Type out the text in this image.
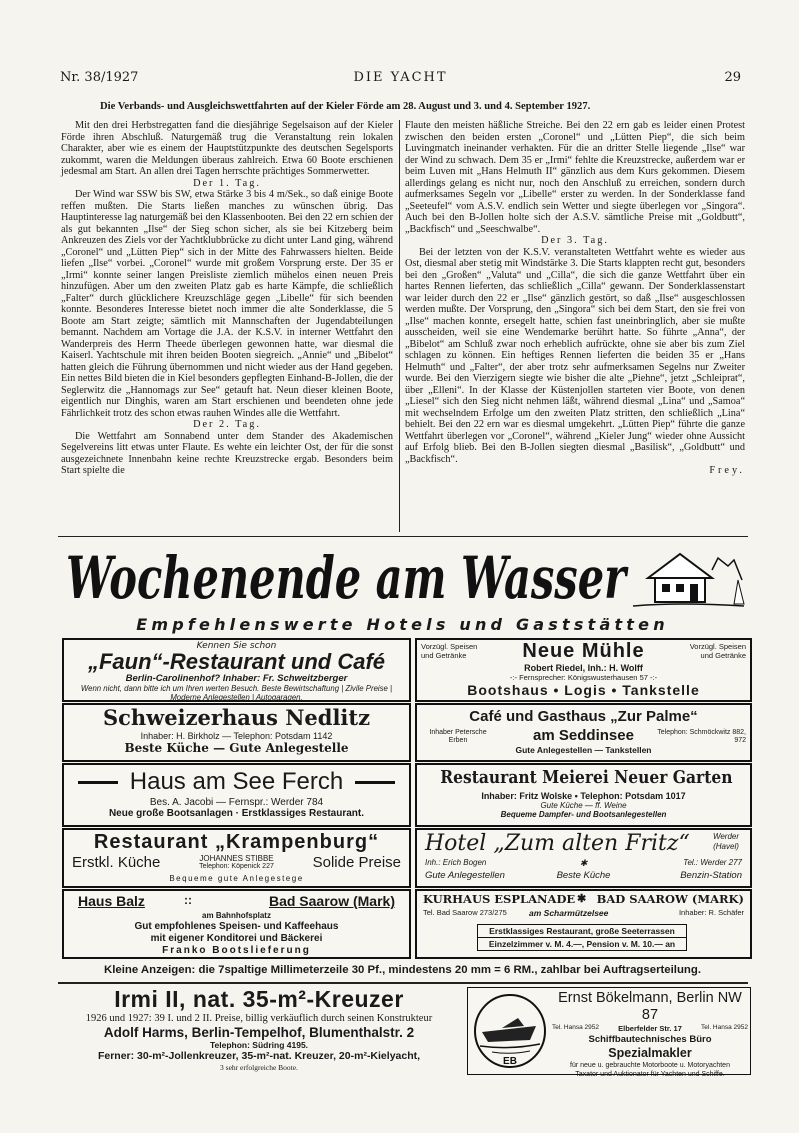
Nr. 38/1927	DIE YACHT	29
Die Verbands- und Ausgleichswettfahrten auf der Kieler Förde am 28. August und 3. und 4. September 1927.

Mit den drei Herbstregatten fand die diesjährige Segelsaison auf der Kieler Förde ihren Abschluß. Naturgemäß trug die Veranstaltung rein lokalen Charakter, aber wie es einem der Hauptstützpunkte des deutschen Segelsports zukommt, waren die Meldungen überaus zahlreich. Etwa 60 Boote erschienen jedesmal am Start. An allen drei Tagen herrschte prächtiges Sommerwetter.

Der 1. Tag.

Der Wind war SSW bis SW, etwa Stärke 3 bis 4 m/Sek., so daß einige Boote reffen mußten. Die Starts ließen manches zu wünschen übrig. Das Hauptinteresse lag naturgemäß bei den Klassenbooten. Bei den 22 ern schien der als gut bekannten „Ilse“ der Sieg schon sicher, als sie bei Kitzeberg beim Ankreuzen des Ziels vor der Yachtklubbrücke zu dicht unter Land ging, während „Coronel“ und „Lütten Piep“ sich in der Mitte des Fahrwassers hielten. Beide liefen „Ilse“ vorbei. „Coronel“ wurde mit großem Vorsprung erste. Der 35 er „Irmi“ konnte seiner langen Preisliste ziemlich mühelos einen neuen Preis hinzufügen. Aber um den zweiten Platz gab es harte Kämpfe, die schließlich „Falter“ durch glücklichere Kreuzschläge gegen „Libelle“ für sich beenden konnte. Besonderes Interesse bietet noch immer die alte Sonderklasse, die 5 Boote am Start zeigte; sämtlich mit Mannschaften der Jugendabteilungen bemannt. Nachdem am Vortage die J.A. der K.S.V. in interner Wettfahrt den Wanderpreis des Herrn Theede überlegen gewonnen hatte, war diesmal die Kaiserl. Yachtschule mit ihren beiden Booten siegreich. „Annie“ und „Bibelot“ hatten gleich die Führung übernommen und nicht wieder aus der Hand gegeben. Ein nettes Bild bieten die in Kiel besonders gepflegten Einhand-B-Jollen, die der Seglerwitz die „Hannomags zur See“ getauft hat. Neun dieser kleinen Boote, eigentlich nur Dinghis, waren am Start erschienen und beendeten ohne jede Fährlichkeit trotz des schon etwas rauhen Windes alle die Wettfahrt.

Der 2. Tag.

Die Wettfahrt am Sonnabend unter dem Stander des Akademischen Segelvereins litt etwas unter Flaute. Es wehte ein leichter Ost, der für die sonst ausgezeichnete Innenbahn keine rechte Kreuzstrecke ergab. Besonders beim Start spielte die

Flaute den meisten häßliche Streiche. Bei den 22 ern gab es leider einen Protest zwischen den beiden ersten „Coronel“ und „Lütten Piep“, die sich beim Luvingmatch ineinander verhakten. Für die an dritter Stelle liegende „Ilse“ war der Wind zu schwach. Dem 35 er „Irmi“ fehlte die Kreuzstrecke, außerdem war er beim Luven mit „Hans Helmuth II“ gänzlich aus dem Kurs gekommen. Diesem allerdings gelang es nicht nur, noch den Anschluß zu erreichen, sondern durch aufmerksames Segeln vor „Libelle“ erster zu werden. In der Sonderklasse fand „Seeteufel“ vom A.S.V. endlich sein Wetter und siegte überlegen vor „Singora“. Auch bei den B-Jollen holte sich der A.S.V. sämtliche Preise mit „Goldbutt“, „Backfisch“ und „Seeschwalbe“.

Der 3. Tag.

Bei der letzten von der K.S.V. veranstalteten Wettfahrt wehte es wieder aus Ost, diesmal aber stetig mit Windstärke 3. Die Starts klappten recht gut, besonders bei den „Großen“ „Valuta“ und „Cilla“, die sich die ganze Wettfahrt über ein hartes Rennen lieferten, das schließlich „Cilla“ gewann. Der Sonderklassenstart war leider durch den 22 er „Ilse“ gänzlich gestört, so daß „Ilse“ ausgeschlossen werden mußte. Der Vorsprung, den „Singora“ sich bei dem Start, den sie frei von „Ilse“ machen konnte, ersegelt hatte, schien fast uneinbringlich, aber sie mußte ausscheiden, weil sie eine Wendemarke berührt hatte. So führte „Anna“, der „Bibelot“ am Schluß zwar noch erheblich aufrückte, ohne sie aber bis zum Ziel schlagen zu können. Ein heftiges Rennen lieferten die beiden 35 er „Hans Helmuth“ und „Falter“, der aber trotz sehr aufmerksamen Segelns nur Zweiter wurde. Bei den Vierzigern siegte wie bisher die alte „Piehne“, jetzt „Schleiprat“, über „Elleni“. In der Klasse der Küstenjollen starteten vier Boote, von denen „Liesel“ sich den Sieg nicht nehmen läßt, während diesmal „Lina“ und „Samoa“ mit wechselndem Erfolge um den zweiten Platz stritten, den schließlich „Lina“ behielt. Bei den 22 ern war es diesmal umgekehrt. „Lütten Piep“ führte die ganze Wettfahrt überlegen vor „Coronel“, während „Kieler Jung“ wieder ohne Aussicht auf Erfolg blieb. Bei den B-Jollen siegten diesmal „Basilisk“, „Goldbutt“ und „Backfisch“.

Frey.

Wochenende am Wasser
Empfehlenswerte Hotels und Gaststätten
Kennen Sie schon
„Faun“-Restaurant und Café
Berlin-Carolinenhof? Inhaber: Fr. Schweitzberger
Wenn nicht, dann bitte ich um Ihren werten Besuch. Beste Bewirtschaftung | Zivile Preise | Moderne Anlegestellen | Autogaragen.
Vorzügl. Speisen und Getränke
Vorzügl. Speisen und Getränke
Neue Mühle
Robert Riedel, Inh.: H. Wolff
-:- Fernsprecher: Königswusterhausen 57 -:-
Bootshaus • Logis • Tankstelle
Schweizerhaus Nedlitz
Inhaber: H. Birkholz — Telephon: Potsdam 1142
Beste Küche — Gute Anlegestelle
Café und Gasthaus „Zur Palme“
Inhaber Petersche Erben	am Seddinsee	Telephon: Schmöckwitz 882, 972
Gute Anlegestellen — Tankstellen
Haus am See Ferch
Bes. A. Jacobi — Fernspr.: Werder 784
Neue große Bootsanlagen · Erstklassiges Restaurant.
Restaurant Meierei Neuer Garten
Inhaber: Fritz Wolske • Telephon: Potsdam 1017
Gute Küche — ff. Weine
Bequeme Dampfer- und Bootsanlegestellen
Restaurant „Krampenburg“
Erstkl. Küche	JOHANNES STIBBE
Telephon: Köpenick 227	Solide Preise
Bequeme gute Anlegestege
Hotel „Zum alten Fritz“	Werder (Havel)
Inh.: Erich Bogen	✱	Tel.: Werder 277
Gute Anlegestellen	Beste Küche	Benzin-Station
Haus Balz	::	Bad Saarow (Mark)
am Bahnhofsplatz
Gut empfohlenes Speisen- und Kaffeehaus
mit eigener Konditorei und Bäckerei
Franko Bootslieferung
KURHAUS ESPLANADE ✱ BAD SAAROW (MARK)
Tel. Bad Saarow 273/275	am Scharmützelsee	Inhaber: R. Schäfer
Erstklassiges Restaurant, große Seeterrassen
Einzelzimmer v. M. 4.—, Pension v. M. 10.— an
Kleine Anzeigen: die 7spaltige Millimeterzeile 30 Pf., mindestens 20 mm = 6 RM., zahlbar bei Auftragserteilung.
Irmi II, nat. 35-m²-Kreuzer
1926 und 1927: 39 I. und 2 II. Preise, billig verkäuflich durch seinen Konstrukteur
Adolf Harms, Berlin-Tempelhof, Blumenthalstr. 2
Telephon: Südring 4195.
Ferner: 30-m²-Jollenkreuzer, 35-m²-nat. Kreuzer, 20-m²-Kielyacht,
3 sehr erfolgreiche Boote.
EB
Ernst Bökelmann, Berlin NW 87
Tel. Hansa 2952	Elberfelder Str. 17	Tel. Hansa 2952
Schiffbautechnisches Büro
Spezialmakler
für neue u. gebrauchte Motorboote u. Motoryachten
Taxator und Auktionator für Yachten und Schiffe.
